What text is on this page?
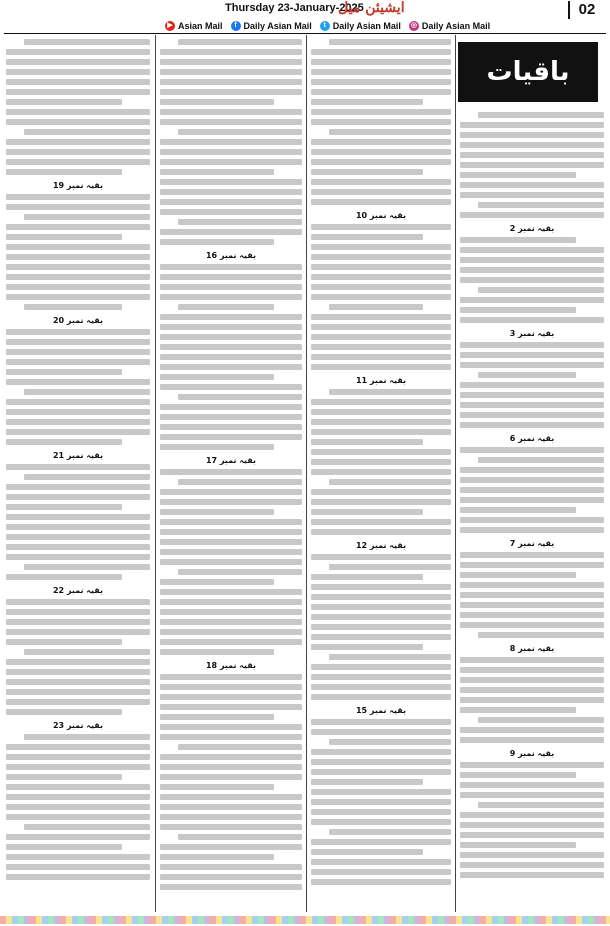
Thursday 23-January-2025
ایشیئن میل	02
▶ Asian Mail	f Daily Asian Mail	t Daily Asian Mail ◎ Daily Asian Mail
بقیہ نمبر 19
بقیہ نمبر 20
بقیہ نمبر 21
بقیہ نمبر 22
بقیہ نمبر 23
بقیہ نمبر 16
بقیہ نمبر 17
بقیہ نمبر 18
بقیہ نمبر 10
بقیہ نمبر 11
بقیہ نمبر 12
بقیہ نمبر 15
بقیہ نمبر 2
بقیہ نمبر 3
بقیہ نمبر 6
بقیہ نمبر 7
بقیہ نمبر 8
بقیہ نمبر 9
باقیات
